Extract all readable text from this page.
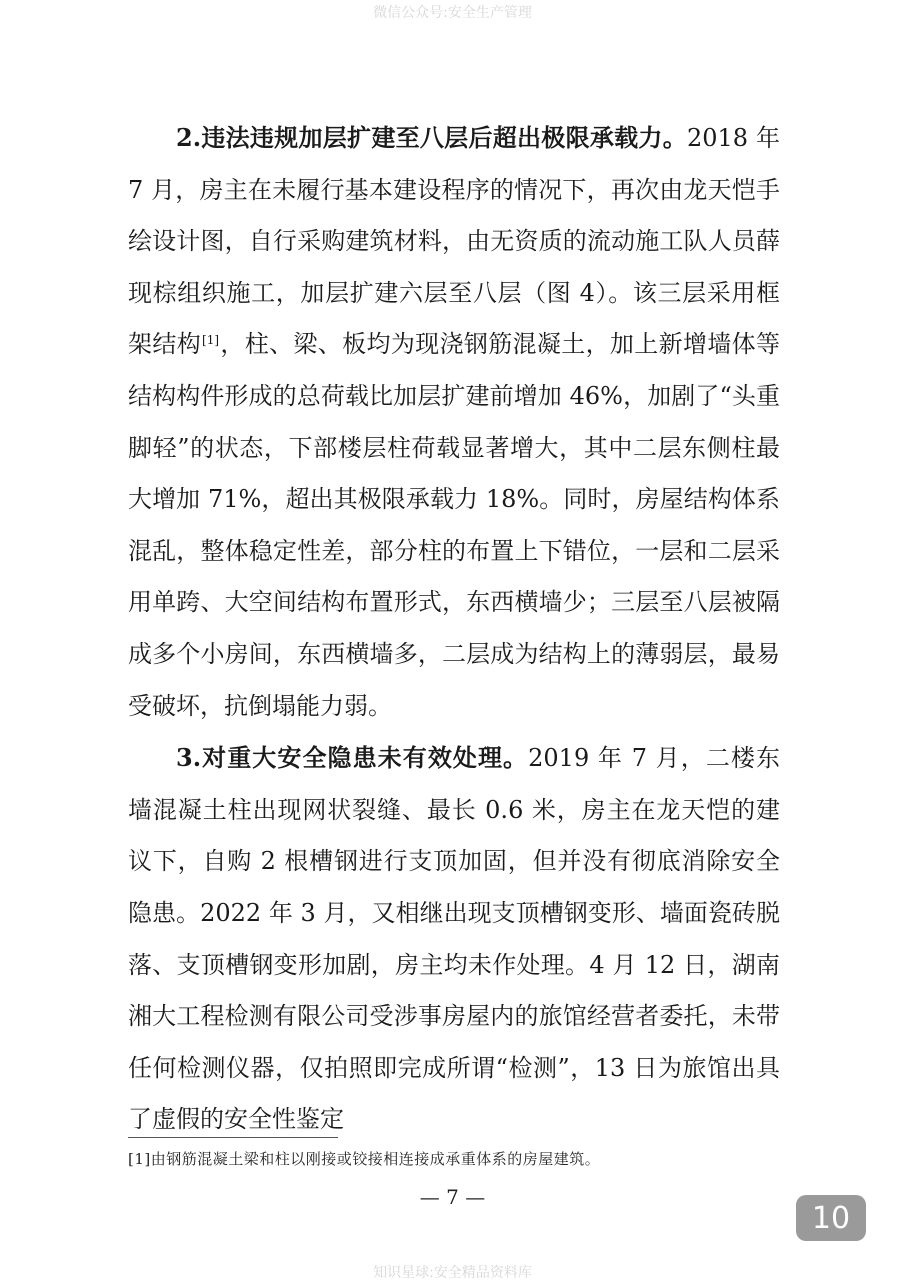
微信公众号:安全生产管理

2.违法违规加层扩建至八层后超出极限承载力。2018 年 7 月，房主在未履行基本建设程序的情况下，再次由龙天恺手绘设计图，自行采购建筑材料，由无资质的流动施工队人员薛现棕组织施工，加层扩建六层至八层（图 4）。该三层采用框架结构[1]，柱、梁、板均为现浇钢筋混凝土，加上新增墙体等结构构件形成的总荷载比加层扩建前增加 46%，加剧了“头重脚轻”的状态，下部楼层柱荷载显著增大，其中二层东侧柱最大增加 71%，超出其极限承载力 18%。同时，房屋结构体系混乱，整体稳定性差，部分柱的布置上下错位，一层和二层采用单跨、大空间结构布置形式，东西横墙少；三层至八层被隔成多个小房间，东西横墙多，二层成为结构上的薄弱层，最易受破坏，抗倒塌能力弱。

3.对重大安全隐患未有效处理。2019 年 7 月，二楼东墙混凝土柱出现网状裂缝、最长 0.6 米，房主在龙天恺的建议下，自购 2 根槽钢进行支顶加固，但并没有彻底消除安全隐患。2022 年 3 月，又相继出现支顶槽钢变形、墙面瓷砖脱落、支顶槽钢变形加剧，房主均未作处理。4 月 12 日，湖南湘大工程检测有限公司受涉事房屋内的旅馆经营者委托，未带任何检测仪器，仅拍照即完成所谓“检测”，13 日为旅馆出具了虚假的安全性鉴定

[1]由钢筋混凝土梁和柱以刚接或铰接相连接成承重体系的房屋建筑。
— 7 —
10
知识星球:安全精品资料库
